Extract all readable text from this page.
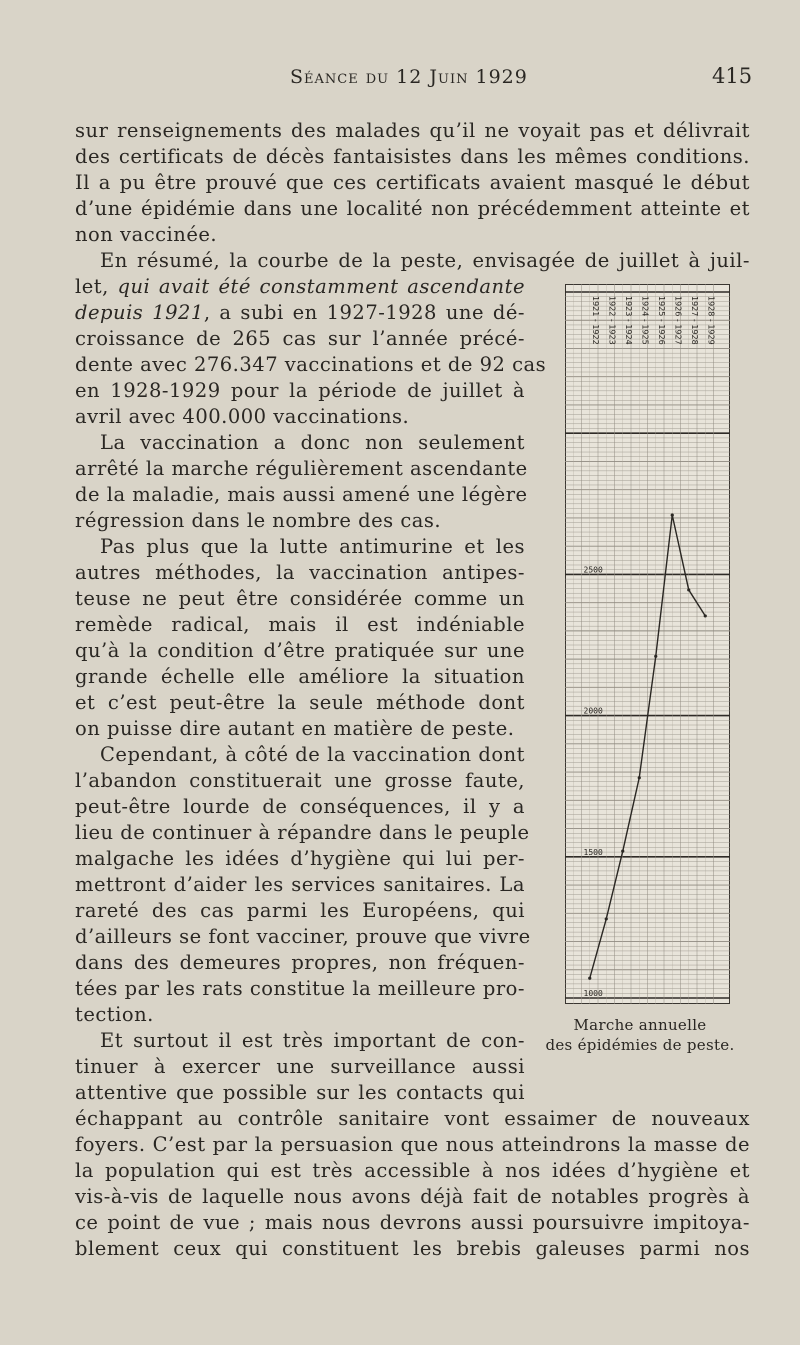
Séance du 12 Juin 1929	415
sur renseignements des malades qu’il ne voyait pas et délivrait
des certificats de décès fantaisistes dans les mêmes conditions.
Il a pu être prouvé que ces certificats avaient masqué le début
d’une épidémie dans une localité non précédemment atteinte et
non vaccinée.
En résumé, la courbe de la peste, envisagée de juillet à juil-
let, qui avait été constamment ascendante
depuis 1921, a subi en 1927-1928 une dé-
croissance de 265 cas sur l’année précé-
dente avec 276.347 vaccinations et de 92 cas
en 1928-1929 pour la période de juillet à
avril avec 400.000 vaccinations.
La vaccination a donc non seulement
arrêté la marche régulièrement ascendante
de la maladie, mais aussi amené une légère
régression dans le nombre des cas.
Pas plus que la lutte antimurine et les
autres méthodes, la vaccination antipes-
teuse ne peut être considérée comme un
remède radical, mais il est indéniable
qu’à la condition d’être pratiquée sur une
grande échelle elle améliore la situation
et c’est peut-être la seule méthode dont
on puisse dire autant en matière de peste.
Cependant, à côté de la vaccination dont
l’abandon constituerait une grosse faute,
peut-être lourde de conséquences, il y a
lieu de continuer à répandre dans le peuple
malgache les idées d’hygiène qui lui per-
mettront d’aider les services sanitaires. La
rareté des cas parmi les Européens, qui
d’ailleurs se font vacciner, prouve que vivre
dans des demeures propres, non fréquen-
tées par les rats constitue la meilleure pro-
tection.
Et surtout il est très important de con-
tinuer à exercer une surveillance aussi
attentive que possible sur les contacts qui
échappant au contrôle sanitaire vont essaimer de nouveaux
foyers. C’est par la persuasion que nous atteindrons la masse de
la population qui est très accessible à nos idées d’hygiène et
vis-à-vis de laquelle nous avons déjà fait de notables progrès à
ce point de vue ; mais nous devrons aussi poursuivre impitoya-
blement ceux qui constituent les brebis galeuses parmi nos
1000
1500
2000
2500
1921 - 1922 1922 - 1923 1923 - 1924 1924 - 1925 1925 - 1926 1926 - 1927 1927 - 1928 1928 - 1929
Marche annuelle
des épidémies de peste.
